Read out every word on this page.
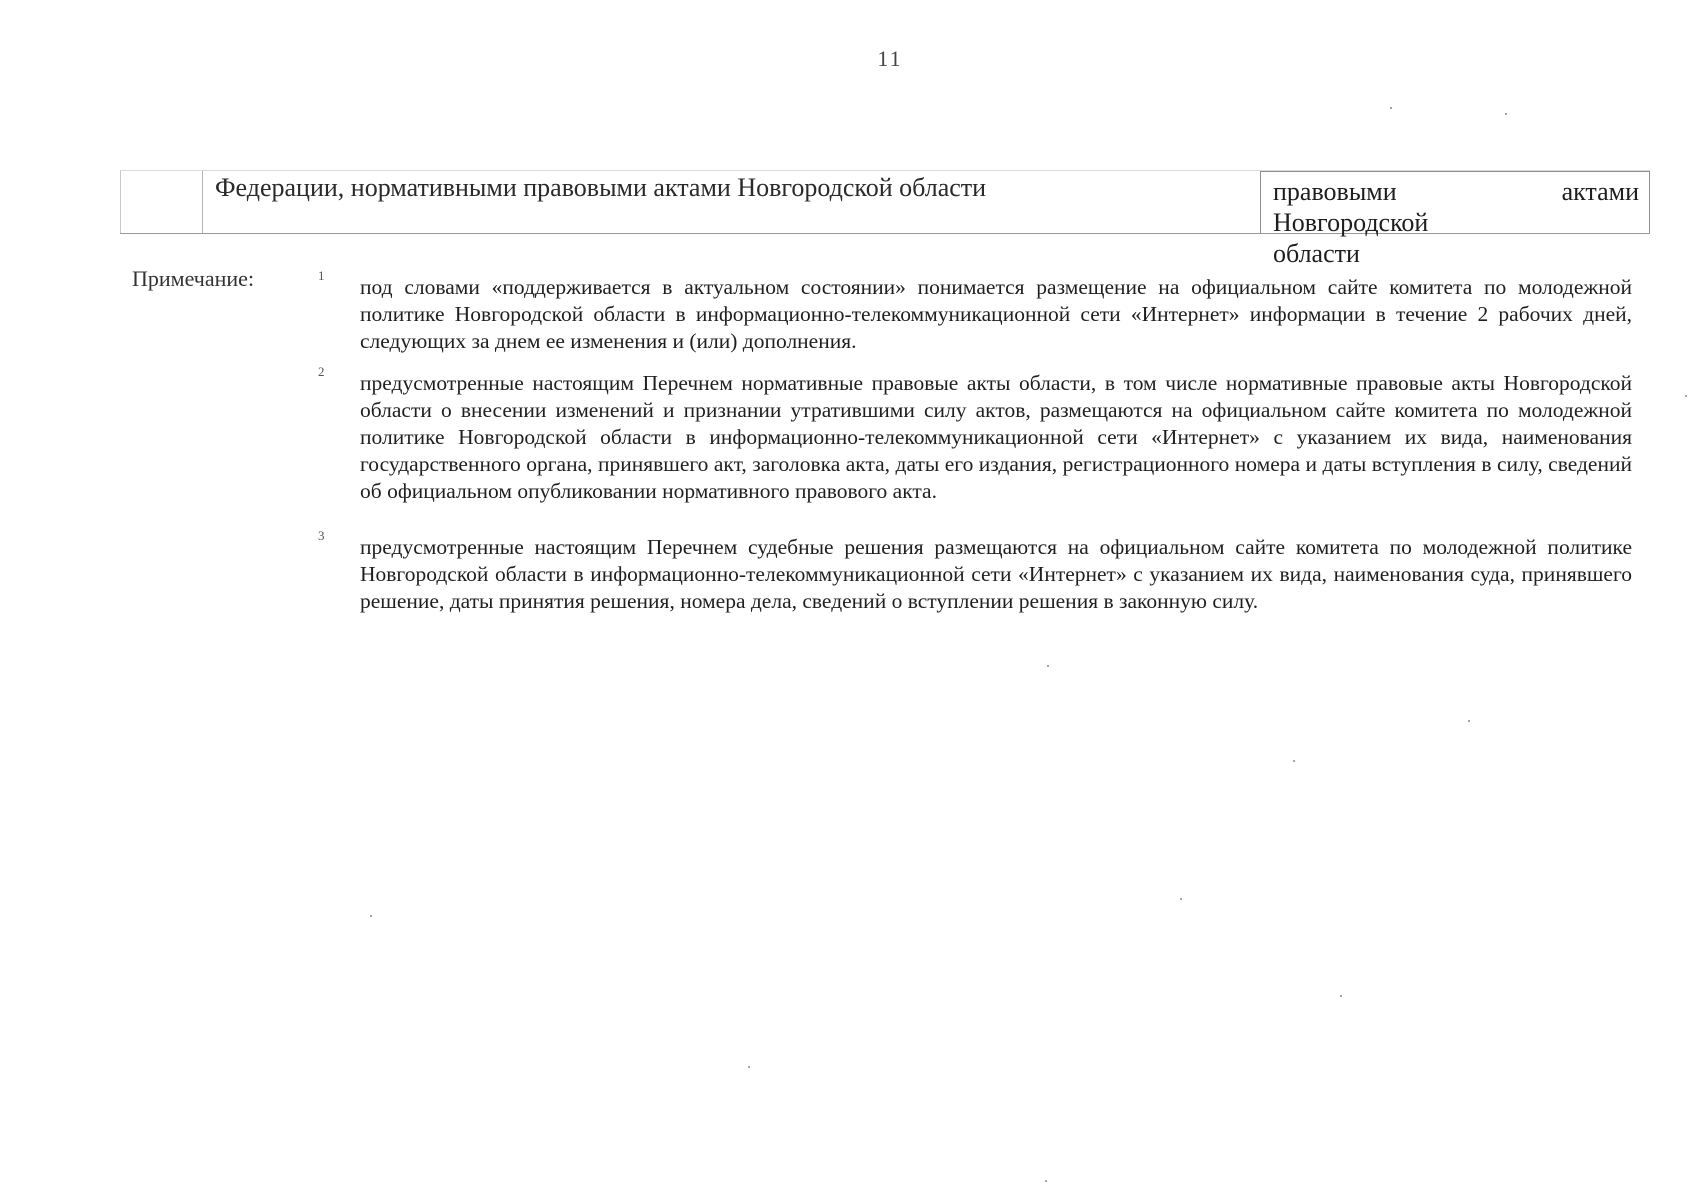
11
Федерации, нормативными правовыми актами Новгородской области	правовыми актами Новгородской
области
Примечание:	1 под словами «поддерживается в актуальном состоянии» понимается размещение на официальном сайте комитета по молодежной политике Новгородской области в информационно-телекоммуникационной сети «Интернет» информации в течение 2 рабочих дней, следующих за днем ее изменения и (или) дополнения.
2 предусмотренные настоящим Перечнем нормативные правовые акты области, в том числе нормативные правовые акты Новгородской области о внесении изменений и признании утратившими силу актов, размещаются на официальном сайте комитета по молодежной политике Новгородской области в информационно-телекоммуникационной сети «Интернет» с указанием их вида, наименования государственного органа, принявшего акт, заголовка акта, даты его издания, регистрационного номера и даты вступления в силу, сведений об официальном опубликовании нормативного правового акта.
3 предусмотренные настоящим Перечнем судебные решения размещаются на официальном сайте комитета по молодежной политике Новгородской области в информационно-телекоммуникационной сети «Интернет» с указанием их вида, наименования суда, принявшего решение, даты принятия решения, номера дела, сведений о вступлении решения в законную силу.
